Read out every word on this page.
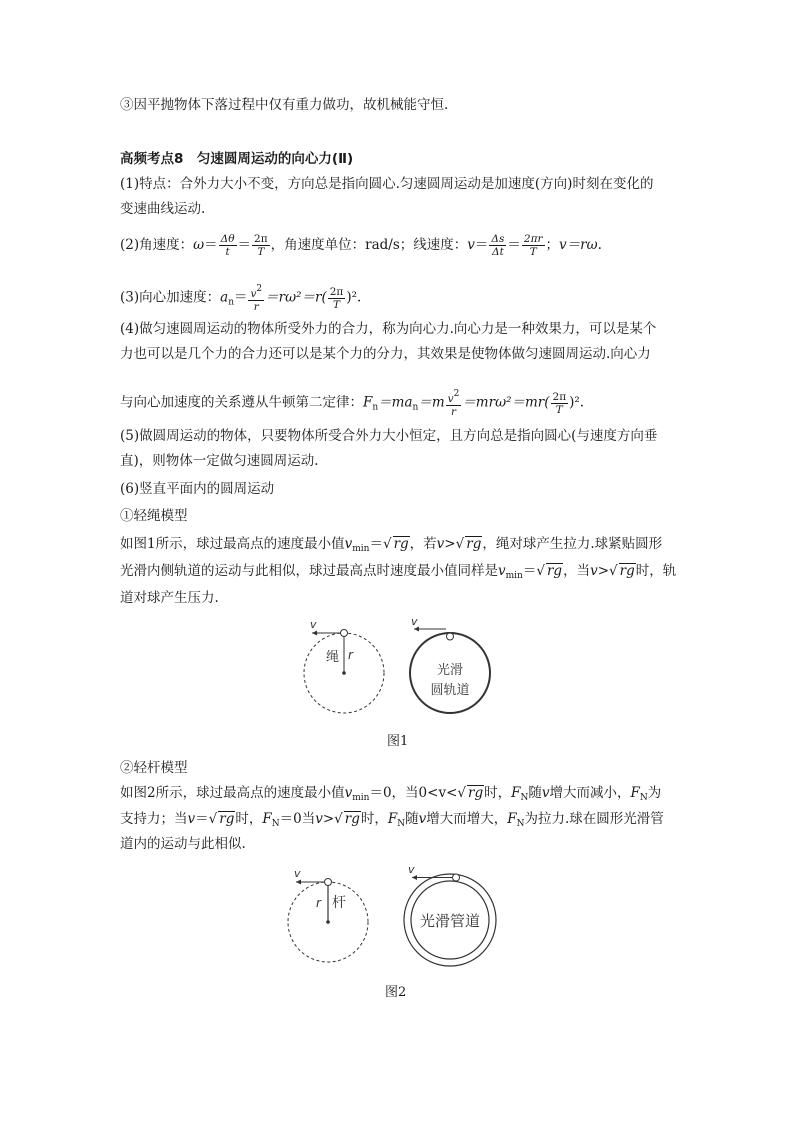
③因平抛物体下落过程中仅有重力做功，故机械能守恒.
高频考点8　匀速圆周运动的向心力(Ⅱ)
(1)特点：合外力大小不变，方向总是指向圆心.匀速圆周运动是加速度(方向)时刻在变化的
变速曲线运动.
(2)角速度：$\omega= \frac{\Delta\theta}{t} = \frac{2\pi}{T}$ ，角速度单位：rad/s；线速度：$v= \frac{\Delta s}{\Delta t} = \frac{2\pi r}{T}$ ；v＝rω.
(3)向心加速度：$a_n= \frac{v2}{r} =r\omega^2=r( \frac{2\pi}{T} )^2$.
(4)做匀速圆周运动的物体所受外力的合力，称为向心力.向心力是一种效果力，可以是某个
力也可以是几个力的合力还可以是某个力的分力，其效果是使物体做匀速圆周运动.向心力
与向心加速度的关系遵从牛顿第二定律：$F_n=ma_n=m \frac{v2}{r} =mr\omega^2=mr( \frac{2\pi}{T} )^2$.
(5)做圆周运动的物体，只要物体所受合外力大小恒定，且方向总是指向圆心(与速度方向垂
直)，则物体一定做匀速圆周运动.
(6)竖直平面内的圆周运动
①轻绳模型
如图1所示，球过最高点的速度最小值$v_{min}=√$ rg，若v>√ rg，绳对球产生拉力.球紧贴圆形
光滑内侧轨道的运动与此相似，球过最高点时速度最小值同样是$v_{min}=√$ rg，当v>√ rg时，轨
道对球产生压力.
v
绳 r
v
光滑
圆轨道
图1
②轻杆模型
如图2所示，球过最高点的速度最小值$v_{min}=0$，当0<v<√ rg时，$F_N$随v增大而减小，$F_N$为
支持力；当v＝√ rg时，$F_N=0$当v>√ rg时，$F_N$随v增大而增大，$F_N$为拉力.球在圆形光滑管
道内的运动与此相似.
v
r 杆
v
光滑管道
图2
